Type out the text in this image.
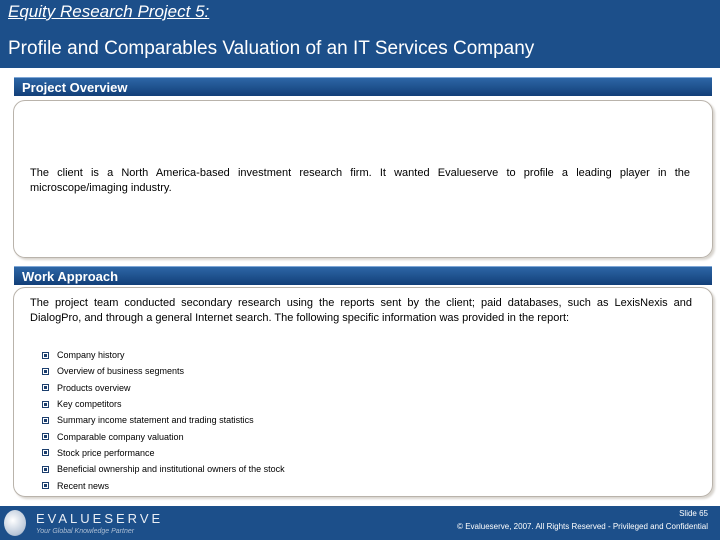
Equity Research Project 5:
Profile and Comparables Valuation of an IT Services Company
Project Overview
The client is a North America-based investment research firm. It wanted Evalueserve to profile a leading player in the microscope/imaging industry.
Work Approach
The project team conducted secondary research using the reports sent by the client; paid databases, such as LexisNexis and DialogPro, and through a general Internet search. The following specific information was provided in the report:
Company history
Overview of business segments
Products overview
Key competitors
Summary income statement and trading statistics
Comparable company valuation
Stock price performance
Beneficial ownership and institutional owners of the stock
Recent news
EVALUESERVE
Your Global Knowledge Partner
Slide 65
© Evalueserve, 2007. All Rights Reserved - Privileged and Confidential
